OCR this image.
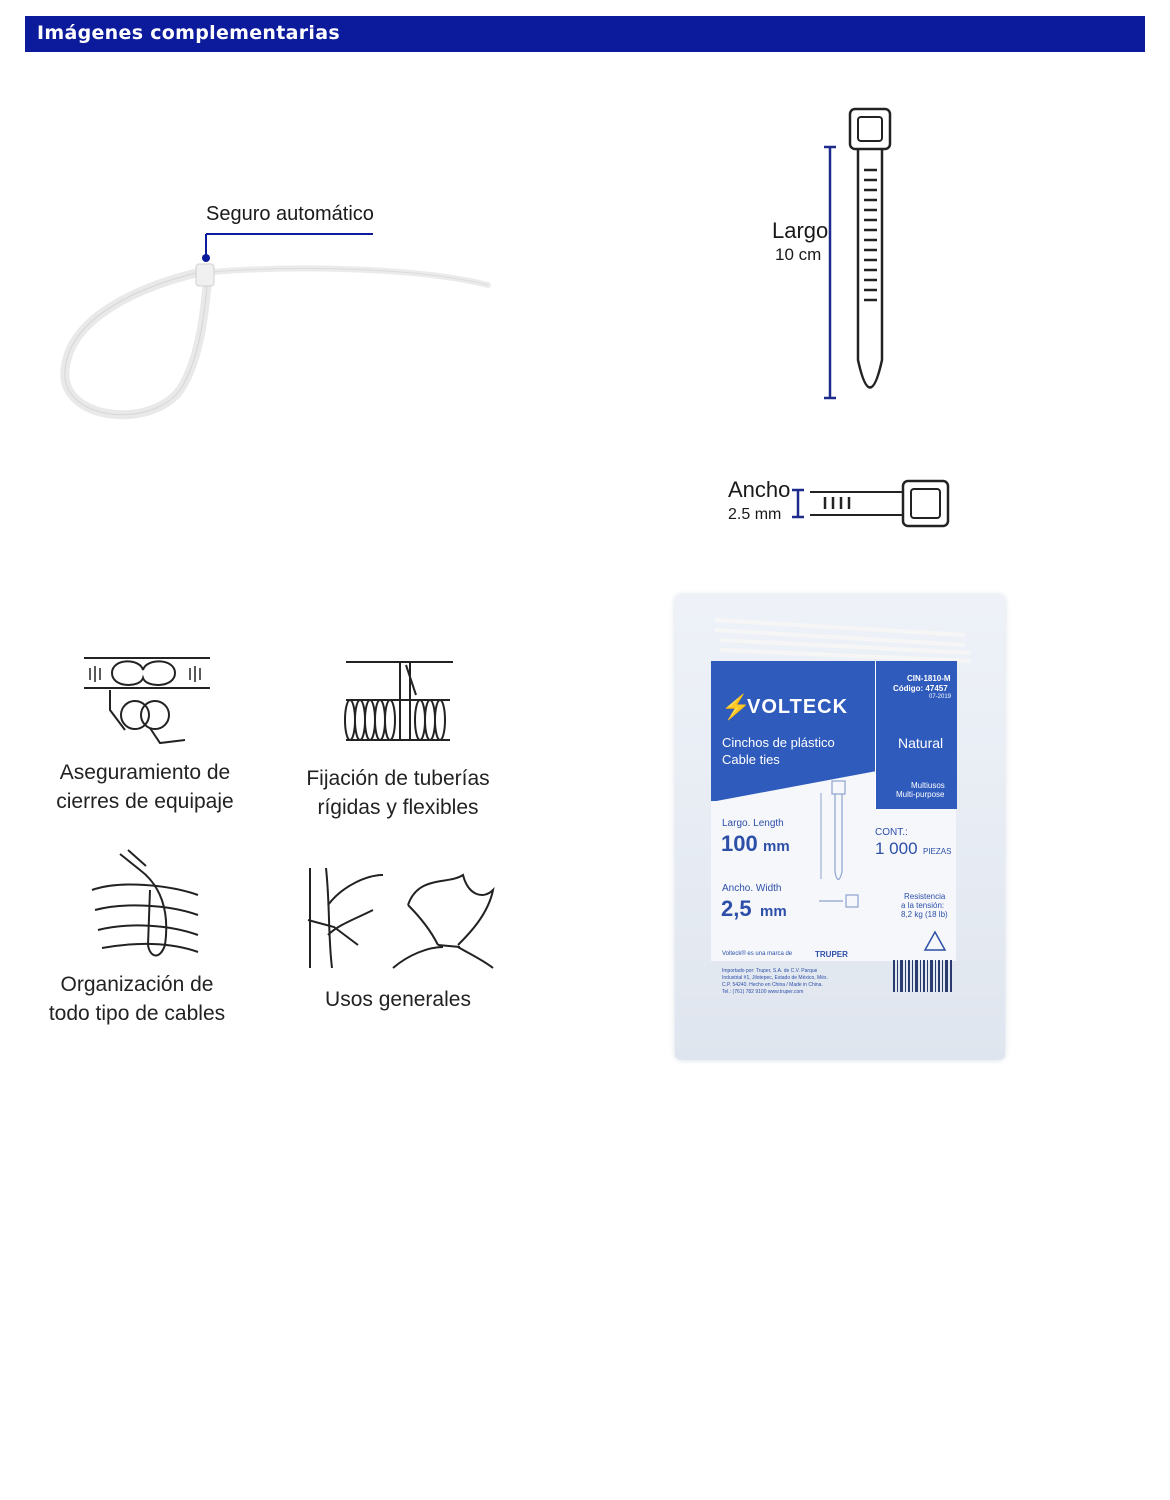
Imágenes complementarias
Seguro automático
Largo
10 cm
Ancho
2.5 mm
Aseguramiento de
cierres de equipaje
Fijación de tuberías
rígidas y flexibles
Organización de
todo tipo de cables
Usos generales
⚡
VOLTECK
CIN-1810-M
Código: 47457
07-2019
Cinchos de plástico
Cable ties
Natural
Multiusos
Multi-purpose
Largo. Length
100 mm
Ancho. Width
2,5 mm
CONT.:
1 000 PIEZAS
Resistencia
a la tensión:
8,2 kg (18 lb)
Volteck® es una marca de	TRUPER
Importado por: Truper, S.A. de C.V. Parque
Industrial #1, Jilotepec, Estado de México, Méx.
C.P. 54240. Hecho en China / Made in China.
Tel.: (761) 782 9100 www.truper.com
